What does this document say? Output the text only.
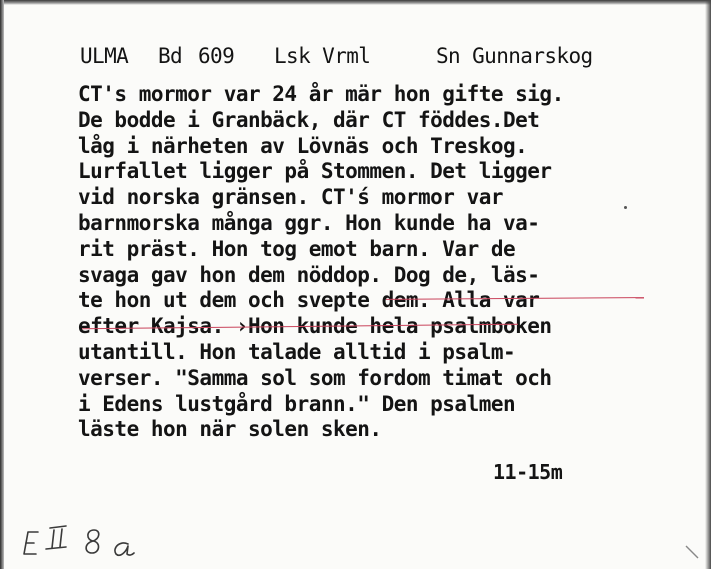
ULMA Bd 609 Lsk Vrml	Sn Gunnarskog
CT's mormor var 24 år mär hon gifte sig.
De bodde i Granbäck, där CT föddes.Det
låg i närheten av Lövnäs och Treskog.
Lurfallet ligger på Stommen. Det ligger
vid norska gränsen. CT'ś mormor var
barnmorska många ggr. Hon kunde ha va-
rit präst. Hon tog emot barn. Var de
svaga gav hon dem nöddop. Dog de, läs-
te hon ut dem och svepte dem. Alla var
efter Kajsa. ›Hon kunde hela psalmboken
utantill. Hon talade alltid i psalm-
verser. "Samma sol som fordom timat och
i Edens lustgård brann." Den psalmen
läste hon när solen sken.
11-15m
